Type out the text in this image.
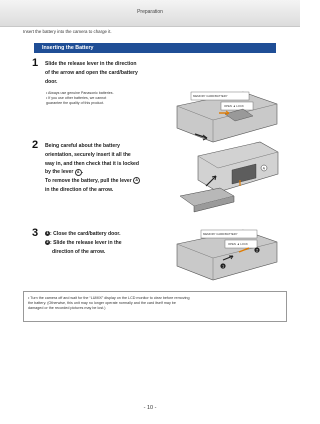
Preparation
Insert the battery into the camera to charge it.
Inserting the Battery
1 Slide the release lever in the direction
of the arrow and open the card/battery
door.
• Always use genuine Panasonic batteries.
• If you use other batteries, we cannot
guarantee the quality of this product.
MEMORY CARD/BATTERY
OPEN ◄ LOCK
2 Being careful about the battery
orientation, securely insert it all the
way in, and then check that it is locked
by the lever A .
To remove the battery, pull the lever A
in the direction of the arrow.
A
3	1 : Close the card/battery door.
2 : Slide the release lever in the
direction of the arrow.
1
2
MEMORY CARD/BATTERY
OPEN ◄ LOCK
• Turn the camera off and wait for the “LUMIX” display on the LCD monitor to clear before removing
the battery. (Otherwise, this unit may no longer operate normally and the card itself may be
damaged or the recorded pictures may be lost.)
- 10 -
